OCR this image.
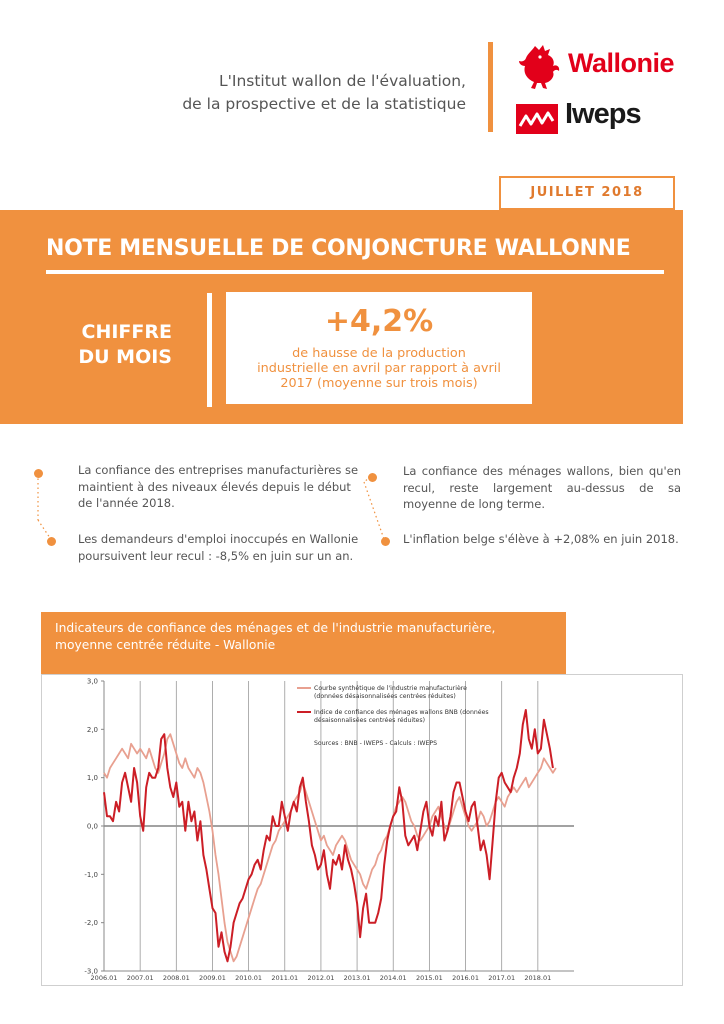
L'Institut wallon de l'évaluation,
de la prospective et de la statistique
Wallonie
Iweps
JUILLET 2018
NOTE MENSUELLE DE CONJONCTURE WALLONNE
CHIFFRE
DU MOIS
+4,2%
de hausse de la production
industrielle en avril par rapport à avril
2017 (moyenne sur trois mois)
La confiance des entreprises manufacturières se maintient à des niveaux élevés depuis le début de l'année 2018.
Les demandeurs d'emploi inoccupés en Wallonie poursuivent leur recul : -8,5% en juin sur un an.
La confiance des ménages wallons, bien qu'en recul, reste largement au-dessus de sa moyenne de long terme.
L'inflation belge s'élève à +2,08% en juin 2018.
Indicateurs de confiance des ménages et de l'industrie manufacturière, moyenne centrée réduite - Wallonie
3,0
2,0
1,0
0,0
-1,0
-2,0
-3,0
2006.01 2007.01 2008.01 2009.01 2010.01 2011.01 2012.01 2013.01 2014.01 2015.01 2016.01 2017.01 2018.01
Courbe synthétique de l'industrie manufacturière (données désaisonnalisées centrées réduites)
Indice de confiance des ménages wallons BNB (données désaisonnalisées centrées réduites)
Sources : BNB - IWEPS - Calculs : IWEPS
